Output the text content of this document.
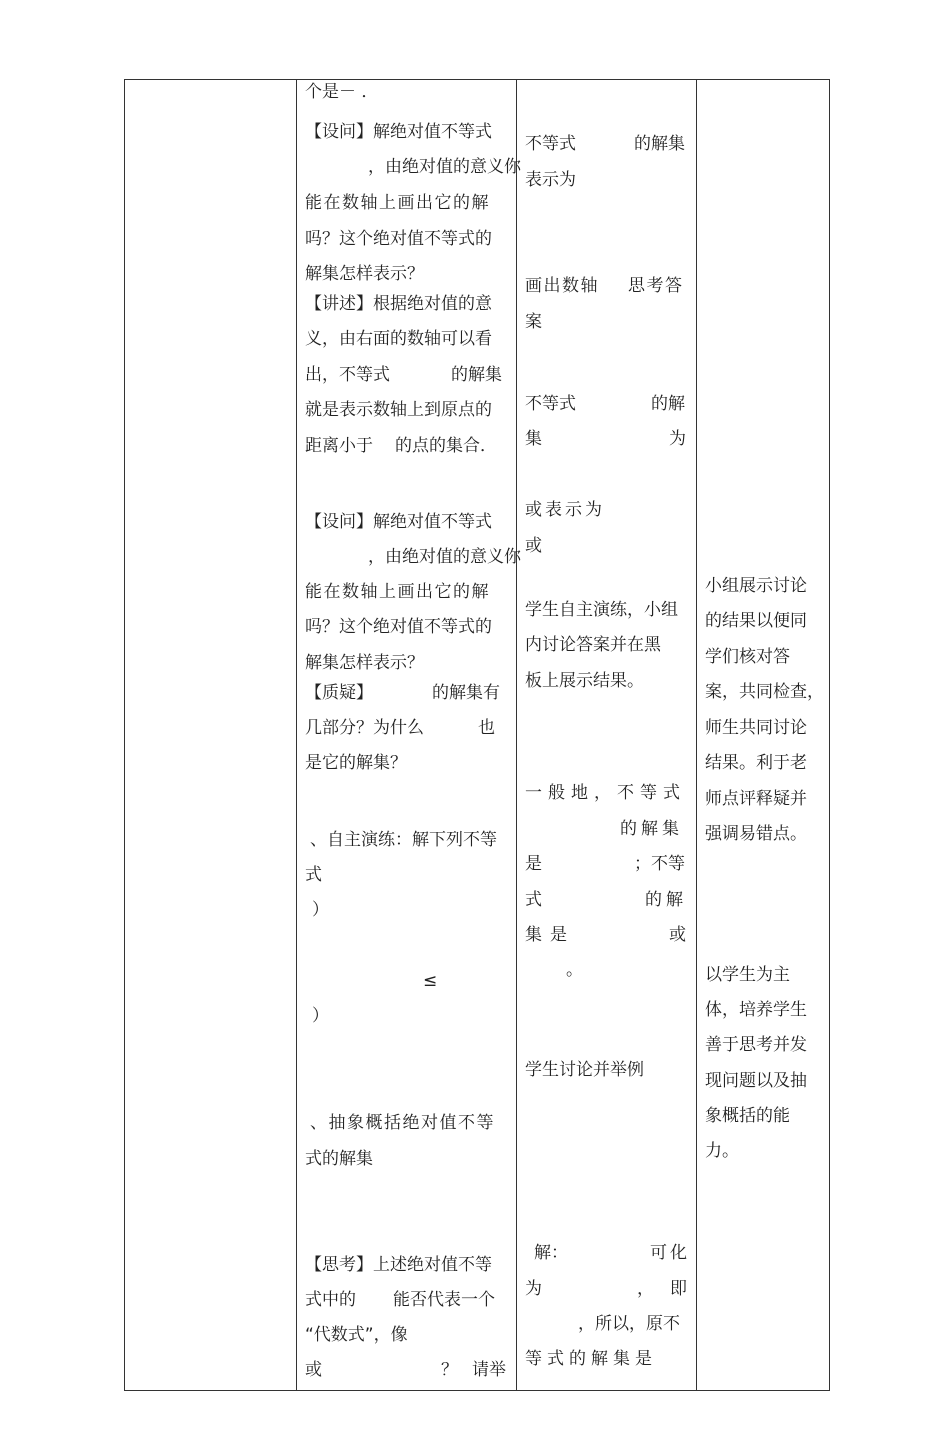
个是－ ．
【设问】解绝对值不等式
，由绝对值的意义你
能在数轴上画出它的解
吗？这个绝对值不等式的
解集怎样表示？
【讲述】根据绝对值的意
义，由右面的数轴可以看
出，不等式	的解集
就是表示数轴上到原点的
距离小于 的点的集合．
【设问】解绝对值不等式
，由绝对值的意义你
能在数轴上画出它的解
吗？这个绝对值不等式的
解集怎样表示？
【质疑】	的解集有
几部分？为什么	也
是它的解集？
、自主演练：解下列不等
式
）
≤
）
、抽象概括绝对值不等
式的解集
【思考】上述绝对值不等
式中的 能否代表一个
“代数式”，像
或	？ 请举
不等式	的解集
表示为
画出数轴 思考答
案
不等式	的解
集	为
或表示为
或
学生自主演练，小组
内讨论答案并在黑
板上展示结果。
一般地，不等式
的解集
是	；不等
式	的解
集是	或
。
学生讨论并举例
解：	可化
为	， 即
，所以，原不
等式的解集是
小组展示讨论
的结果以便同
学们核对答
案，共同检查，
师生共同讨论
结果。利于老
师点评释疑并
强调易错点。
以学生为主
体，培养学生
善于思考并发
现问题以及抽
象概括的能
力。
